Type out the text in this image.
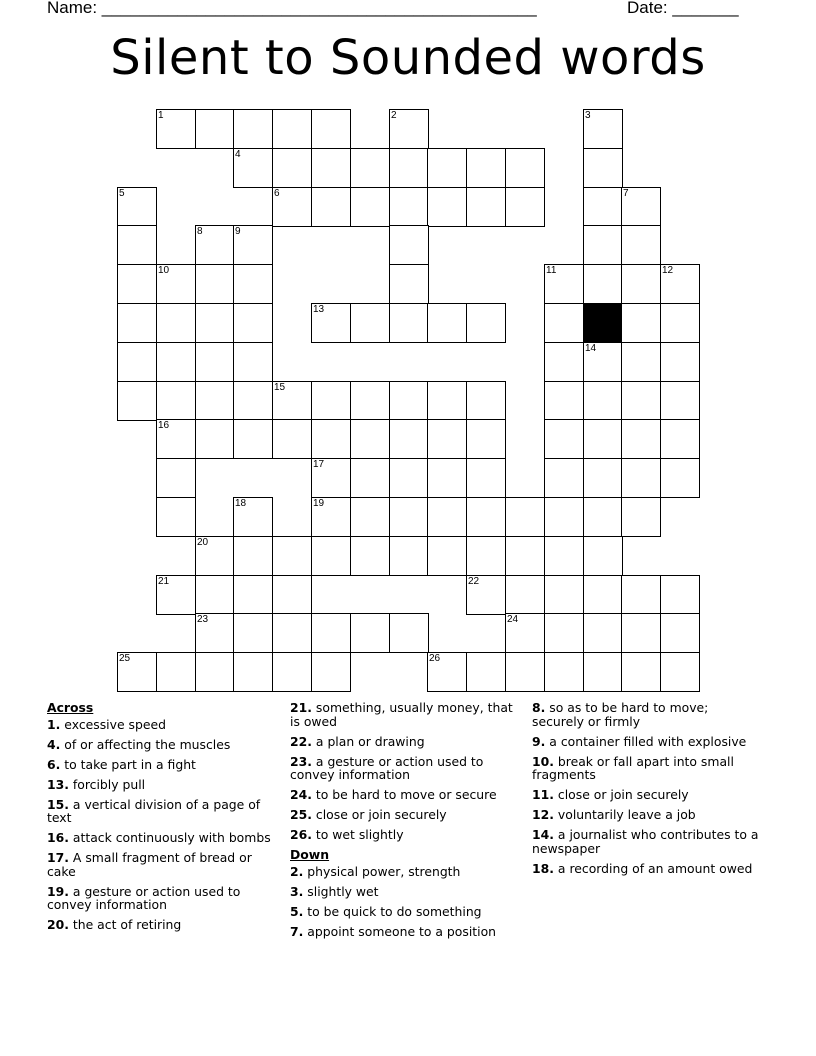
Name: ______________________________________________	Date: _______
Silent to Sounded words
1	2	3
4
5	6	7
8	9
10	11	12
13
14
15
16
17
18	19
20
21	22
23	24
25	26
Across
1. excessive speed
4. of or affecting the muscles
6. to take part in a fight
13. forcibly pull
15. a vertical division of a page of text
16. attack continuously with bombs
17. A small fragment of bread or cake
19. a gesture or action used to convey information
20. the act of retiring
21. something, usually money, that is owed
22. a plan or drawing
23. a gesture or action used to convey information
24. to be hard to move or secure
25. close or join securely
26. to wet slightly
Down
2. physical power, strength
3. slightly wet
5. to be quick to do something
7. appoint someone to a position
8. so as to be hard to move; securely or firmly
9. a container filled with explosive
10. break or fall apart into small fragments
11. close or join securely
12. voluntarily leave a job
14. a journalist who contributes to a newspaper
18. a recording of an amount owed
